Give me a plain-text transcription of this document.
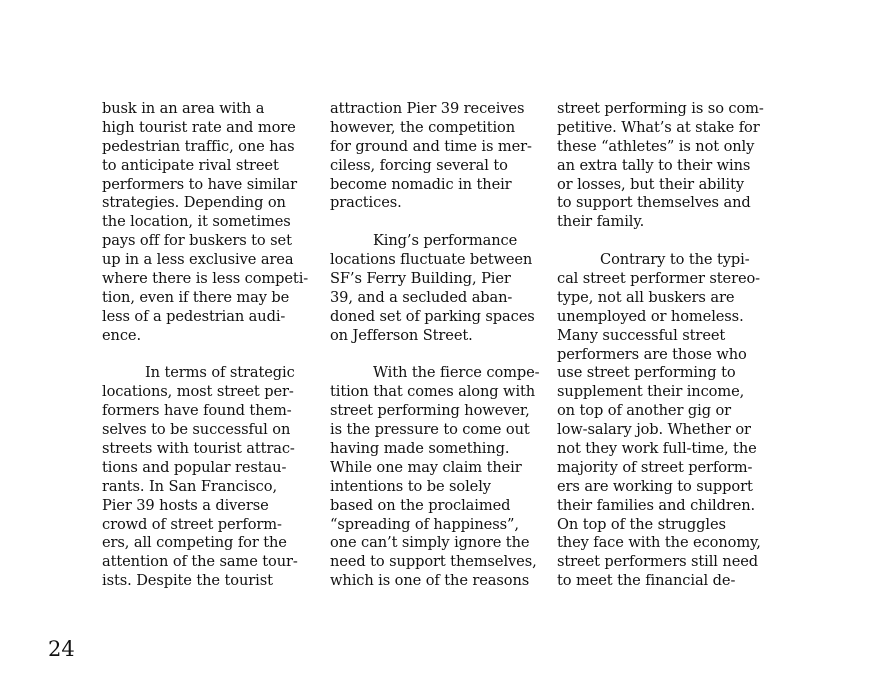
busk in an area with a
high tourist rate and more
pedestrian traffic, one has
to anticipate rival street
performers to have similar
strategies. Depending on
the location, it sometimes
pays off for buskers to set
up in a less exclusive area
where there is less competi-
tion, even if there may be
less of a pedestrian audi-
ence.
In terms of strategic
locations, most street per-
formers have found them-
selves to be successful on
streets with tourist attrac-
tions and popular restau-
rants. In San Francisco,
Pier 39 hosts a diverse
crowd of street perform-
ers, all competing for the
attention of the same tour-
ists. Despite the tourist
attraction Pier 39 receives
however, the competition
for ground and time is mer-
ciless, forcing several to
become nomadic in their
practices.
King’s performance
locations fluctuate between
SF’s Ferry Building, Pier
39, and a secluded aban-
doned set of parking spaces
on Jefferson Street.
With the fierce compe-
tition that comes along with
street performing however,
is the pressure to come out
having made something.
While one may claim their
intentions to be solely
based on the proclaimed
“spreading of happiness”,
one can’t simply ignore the
need to support themselves,
which is one of the reasons
street performing is so com-
petitive. What’s at stake for
these “athletes” is not only
an extra tally to their wins
or losses, but their ability
to support themselves and
their family.
Contrary to the typi-
cal street performer stereo-
type, not all buskers are
unemployed or homeless.
Many successful street
performers are those who
use street performing to
supplement their income,
on top of another gig or
low-salary job. Whether or
not they work full-time, the
majority of street perform-
ers are working to support
their families and children.
On top of the struggles
they face with the economy,
street performers still need
to meet the financial de-
24
